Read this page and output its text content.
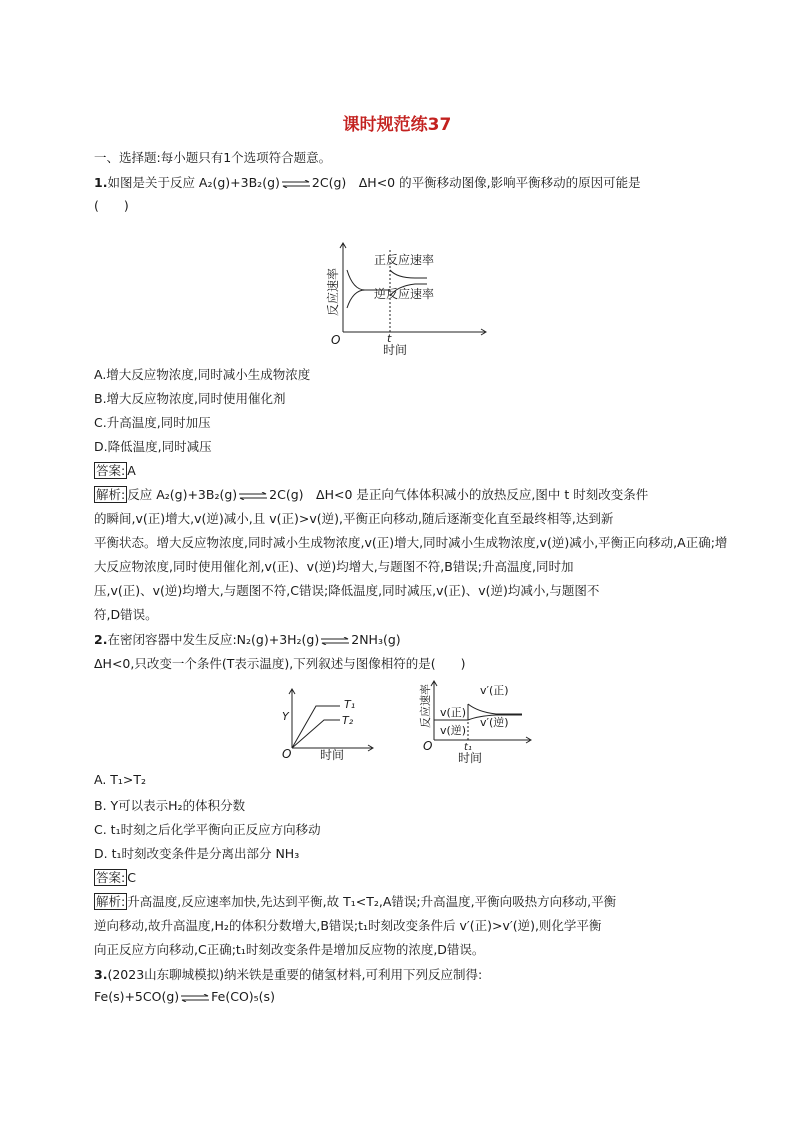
课时规范练37
一、选择题:每小题只有1个选项符合题意。
1.如图是关于反应 A₂(g)+3B₂(g)⇌2C(g)　ΔH<0 的平衡移动图像,影响平衡移动的原因可能是
(　　)
正反应速率
逆反应速率
反应速率
O	t
时间
A.增大反应物浓度,同时减小生成物浓度
B.增大反应物浓度,同时使用催化剂
C.升高温度,同时加压
D.降低温度,同时减压
答案: A
解析: 反应 A₂(g)+3B₂(g)⇌2C(g)　ΔH<0 是正向气体体积减小的放热反应,图中 t 时刻改变条件
的瞬间,v(正)增大,v(逆)减小,且 v(正)>v(逆),平衡正向移动,随后逐渐变化直至最终相等,达到新
平衡状态。增大反应物浓度,同时减小生成物浓度,v(正)增大,同时减小生成物浓度,v(逆)减小,平衡正向移动,A正确;增
大反应物浓度,同时使用催化剂,v(正)、v(逆)均增大,与题图不符,B错误;升高温度,同时加
压,v(正)、v(逆)均增大,与题图不符,C错误;降低温度,同时减压,v(正)、v(逆)均减小,与题图不
符,D错误。
2.在密闭容器中发生反应:N₂(g)+3H₂(g)⇌2NH₃(g)
ΔH<0,只改变一个条件(T表示温度),下列叙述与图像相符的是(　　)
T₁
T₂
Y
O 时间
v(正)
v(逆)
v′(正)
v′(逆)
反应速率
O	t₁
时间
A. T₁>T₂
B. Y可以表示H₂的体积分数
C. t₁时刻之后化学平衡向正反应方向移动
D. t₁时刻改变条件是分离出部分 NH₃
答案: C
解析: 升高温度,反应速率加快,先达到平衡,故 T₁<T₂,A错误;升高温度,平衡向吸热方向移动,平衡
逆向移动,故升高温度,H₂的体积分数增大,B错误;t₁时刻改变条件后 v′(正)>v′(逆),则化学平衡
向正反应方向移动,C正确;t₁时刻改变条件是增加反应物的浓度,D错误。
3.(2023山东聊城模拟)纳米铁是重要的储氢材料,可利用下列反应制得:
Fe(s)+5CO(g)⇌Fe(CO)₅(s)
